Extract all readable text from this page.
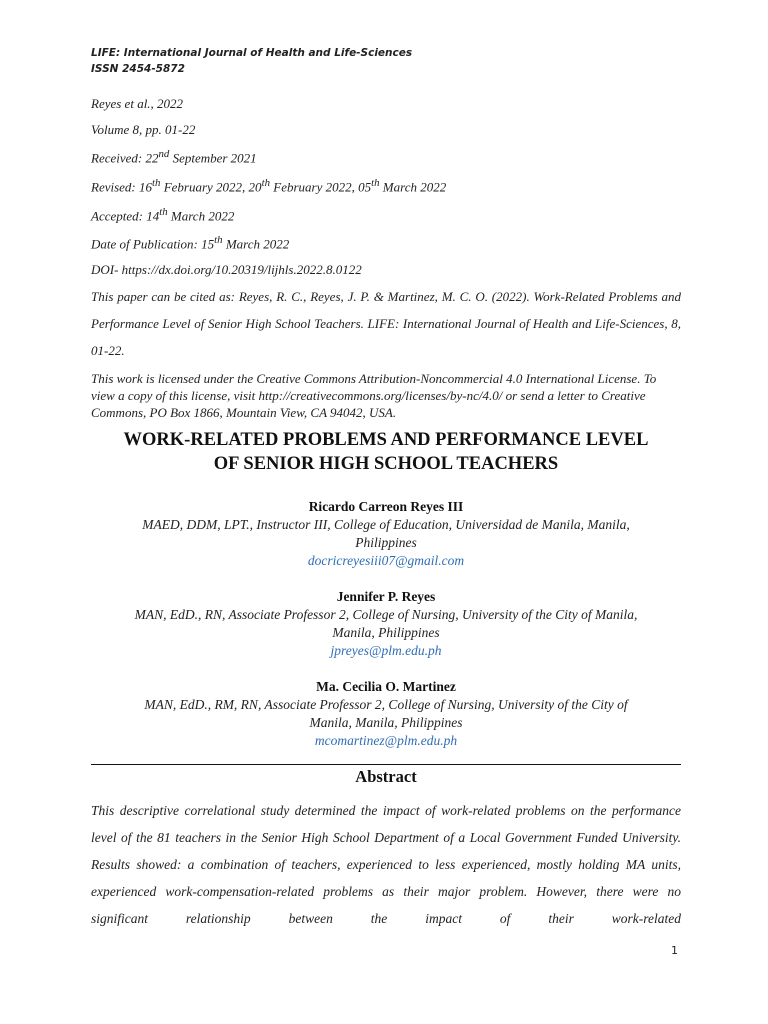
LIFE: International Journal of Health and Life-Sciences
ISSN 2454-5872
Reyes et al., 2022
Volume 8, pp. 01-22
Received: 22nd September 2021
Revised: 16th February 2022, 20th February 2022, 05th March 2022
Accepted: 14th March 2022
Date of Publication: 15th March 2022
DOI- https://dx.doi.org/10.20319/lijhls.2022.8.0122
This paper can be cited as: Reyes, R. C., Reyes, J. P. & Martinez, M. C. O. (2022). Work-Related Problems and Performance Level of Senior High School Teachers. LIFE: International Journal of Health and Life-Sciences, 8, 01-22.
This work is licensed under the Creative Commons Attribution-Noncommercial 4.0 International License. To view a copy of this license, visit http://creativecommons.org/licenses/by-nc/4.0/ or send a letter to Creative Commons, PO Box 1866, Mountain View, CA 94042, USA.
WORK-RELATED PROBLEMS AND PERFORMANCE LEVEL
OF SENIOR HIGH SCHOOL TEACHERS
Ricardo Carreon Reyes III
MAED, DDM, LPT., Instructor III, College of Education, Universidad de Manila, Manila,
Philippines
docricreyesiii07@gmail.com
Jennifer P. Reyes
MAN, EdD., RN, Associate Professor 2, College of Nursing, University of the City of Manila,
Manila, Philippines
jpreyes@plm.edu.ph
Ma. Cecilia O. Martinez
MAN, EdD., RM, RN, Associate Professor 2, College of Nursing, University of the City of
Manila, Manila, Philippines
mcomartinez@plm.edu.ph
Abstract
This descriptive correlational study determined the impact of work-related problems on the performance level of the 81 teachers in the Senior High School Department of a Local Government Funded University. Results showed: a combination of teachers, experienced to less experienced, mostly holding MA units, experienced work-compensation-related problems as their major problem. However, there were no significant relationship between the impact of their work-related
1
